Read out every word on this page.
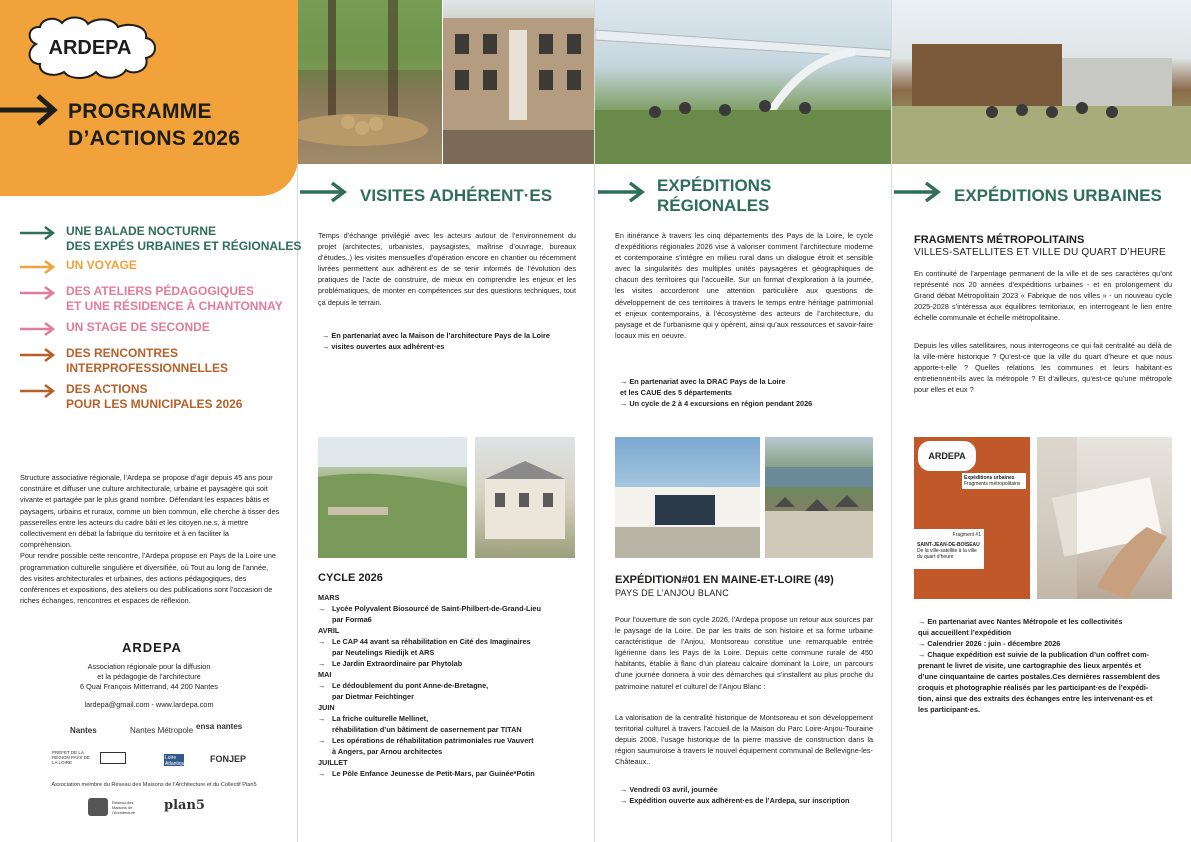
ARDEPA
PROGRAMME
D’ACTIONS 2026
UNE BALADE NOCTURNE
DES EXPÉS URBAINES ET RÉGIONALES
UN VOYAGE
DES ATELIERS PÉDAGOGIQUES
ET UNE RÉSIDENCE À CHANTONNAY
UN STAGE DE SECONDE
DES RENCONTRES
INTERPROFESSIONNELLES
DES ACTIONS
POUR LES MUNICIPALES 2026

Structure associative régionale, l’Ardepa se propose d’agir depuis 45 ans pour construire et diffuser une culture architecturale, urbaine et paysagère qui soit vivante et partagée par le plus grand nombre. Défendant les espaces bâtis et paysagers, urbains et ruraux, comme un bien commun, elle cherche à tisser des passerelles entre les acteurs du cadre bâti et les citoyen.ne.s, à mettre collectivement en débat la fabrique du territoire et à en faciliter la compréhension.

Pour rendre possible cette rencontre, l’Ardepa propose en Pays de la Loire une programmation culturelle singulière et diversifiée, où Tout au long de l’année, des visites architecturales et urbaines, des actions pédagogiques, des conférences et expositions, des ateliers ou des publications sont l’occasion de riches échanges, rencontres et espaces de réflexion.

ARDEPA
Association régionale pour la diffusion
et la pédagogie de l’architecture
6 Quai François Mitterrand, 44 200 Nantes
lardepa@gmail.com - www.lardepa.com
Nantes	Nantes Métropole ensa nantes
PRÉFET DE LA RÉGION PAYS DE LA LOIRE
Loire Atlantique	FONJEP
Association membre du Réseau des Maisons de l’Architecture et du Collectif Plan5
Réseau des Maisons de l’Architecture	plan5
VISITES ADHÉRENT·ES
Temps d’échange privilégié avec les acteurs autour de l’environnement du projet (architectes, urbanistes, paysagistes, maîtrise d’ouvrage, bureaux d’études..) les visites mensuelles d’opération encore en chantier ou récemment livrées permettent aux adhérent·es de se tenir informés de l’évolution des pratiques de l’acte de construire, de mieux en comprendre les enjeux et les problématiques, de monter en compétences sur des questions techniques, tout ça depuis le terrain.
→ En partenariat avec la Maison de l’architecture Pays de la Loire
→ visites ouvertes aux adhérent·es
CYCLE 2026
MARS
→ Lycée Polyvalent Biosourcé de Saint-Philbert-de-Grand-Lieu
par Forma6
AVRIL
→ Le CAP 44 avant sa réhabilitation en Cité des Imaginaires
par Neutelings Riedijk et ARS
→ Le Jardin Extraordinaire par Phytolab
MAI
→ Le dédoublement du pont Anne-de-Bretagne,
par Dietmar Feichtinger
JUIN
→ La friche culturelle Mellinet,
réhabilitation d’un bâtiment de casernement par TITAN
→ Les opérations de réhabilitation patrimoniales rue Vauvert
à Angers, par Arnou architectes
JUILLET
→ Le Pôle Enfance Jeunesse de Petit-Mars, par Guinée*Potin
EXPÉDITIONS
RÉGIONALES
En itinérance à travers les cinq départements des Pays de la Loire, le cycle d’expéditions régionales 2026 vise à valoriser comment l’architecture moderne et contemporaine s’intègre en milieu rural dans un dialogue étroit et sensible avec la singularités des multiples unités paysagères et géographiques de chacun des territoires qui l’accueille. Sur un format d’exploration à la journée, les visites accorderont une attention particulière aux questions de développement de ces territoires à travers le temps entre héritage patrimonial et enjeux contemporains, à l’écosystème des acteurs de l’architecture, du paysage et de l’urbanisme qui y opèrent, ainsi qu’aux ressources et savoir-faire locaux mis en oeuvre.
→ En partenariat avec la DRAC Pays de la Loire
et les CAUE des 5 départements
→ Un cycle de 2 à 4 excursions en région pendant 2026
EXPÉDITION#01 EN MAINE-ET-LOIRE (49)
PAYS DE L’ANJOU BLANC
Pour l’ouverture de son cycle 2026, l’Ardepa propose un retour aux sources par le paysage de la Loire. De par les traits de son histoire et sa forme urbaine caractéristique de l’Anjou, Montsoreau constitue une remarquable entrée ligérienne dans les Pays de la Loire. Depuis cette commune rurale de 450 habitants, établie à flanc d’un plateau calcaire dominant la Loire, un parcours d’une journée donnera à voir des démarches qui s’installent au plus proche du patrimoine naturel et culturel de l’Anjou Blanc :
La valorisation de la centralité historique de Montsoreau et son développement territorial culturel à travers l’accueil de la Maison du Parc Loire-Anjou-Touraine depuis 2008, l’usage historique de la pierre massive de construction dans la région saumuroise à travers le nouvel équipement communal de Bellevigne-les-Châteaux..
→ Vendredi 03 avril, journée
→ Expédition ouverte aux adhérent·es de l’Ardepa, sur inscription
EXPÉDITIONS URBAINES
FRAGMENTS MÉTROPOLITAINS
VILLES-SATELLITES ET VILLE DU QUART D’HEURE
En continuité de l’arpentage permanent de la ville et de ses caractères qu’ont représenté nos 20 années d’expéditions urbaines - et en prolongement du Grand débat Métropolitain 2023 « Fabrique de nos villes » - un nouveau cycle 2025-2028 s’intéressa aux équilibres territoriaux, en interrogeant le lien entre échelle communale et échelle métropolitaine.
Depuis les villes satellitaires, nous interrogeons ce qui fait centralité au délà de la ville-mère historique ? Qu’est-ce que la ville du quart d’heure et que nous apporte-t-elle ? Quelles relations les communes et leurs habitant·es entretiennent-ils avec la métropole ? Et d’ailleurs, qu’est-ce qu’une métropole pour elles et eux ?
ARDEPA
Expéditions urbaines
Fragments métropolitains
Fragment #1
SAINT-JEAN-DE-BOISEAU
De la ville-satellite à la ville du quart d’heure
→ En partenariat avec Nantes Métropole et les collectivités
qui accueillent l’expédition
→ Calendrier 2026 : juin - décembre 2026
→ Chaque expédition est suivie de la publication d’un coffret com-
prenant le livret de visite, une cartographie des lieux arpentés et
d’une cinquantaine de cartes postales.Ces dernières rassemblent des
croquis et photographie réalisés par les participant·es de l’expédi-
tion, ainsi que des extraits des échanges entre les intervenant·es et
les participant·es.
